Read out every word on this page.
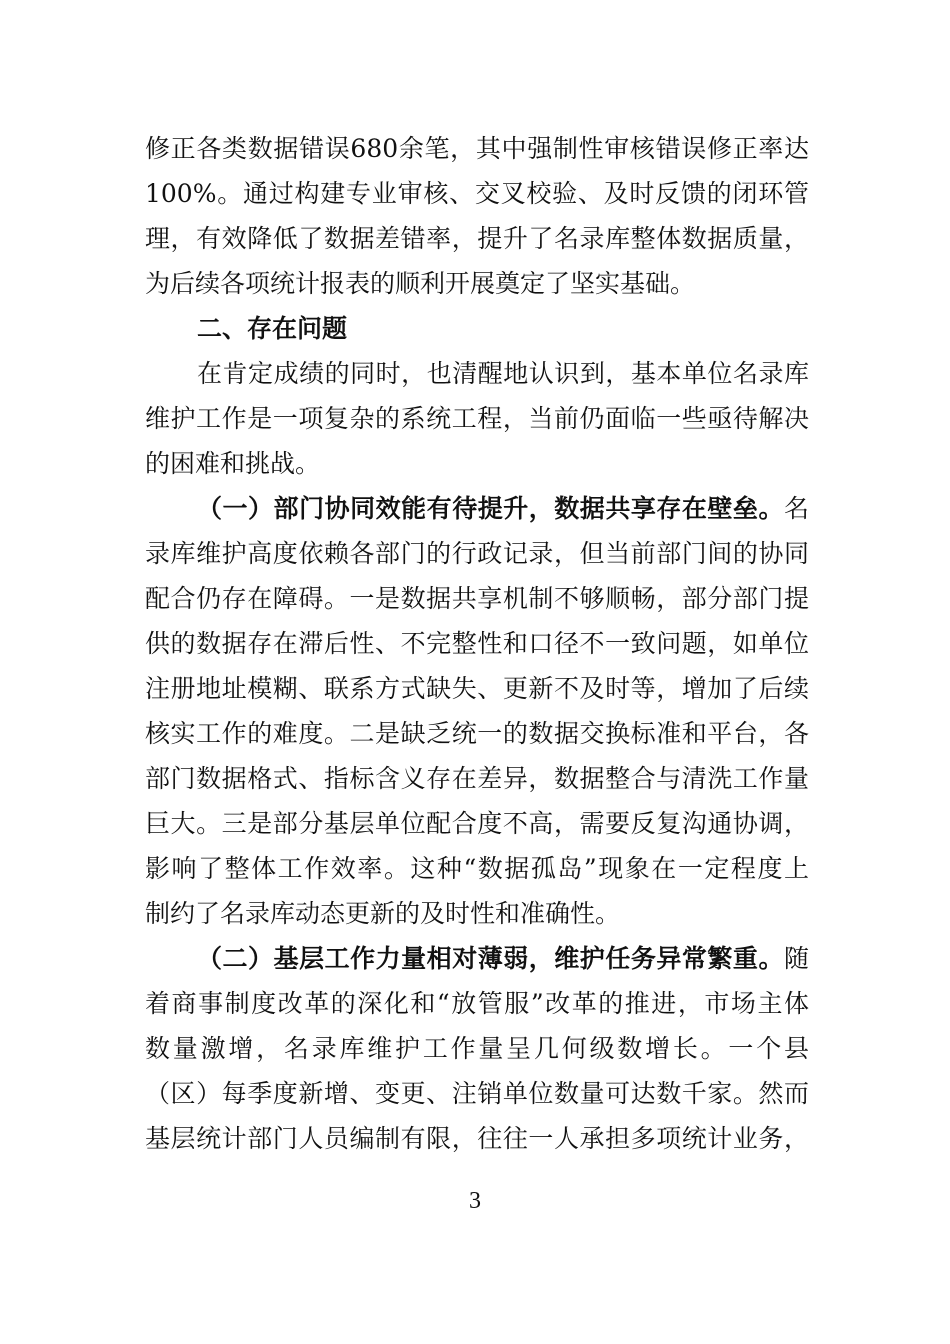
修正各类数据错误680余笔，其中强制性审核错误修正率达
100%。通过构建专业审核、交叉校验、及时反馈的闭环管
理，有效降低了数据差错率，提升了名录库整体数据质量，
为后续各项统计报表的顺利开展奠定了坚实基础。
二、存在问题
在肯定成绩的同时，也清醒地认识到，基本单位名录库
维护工作是一项复杂的系统工程，当前仍面临一些亟待解决
的困难和挑战。
（一）部门协同效能有待提升，数据共享存在壁垒。名
录库维护高度依赖各部门的行政记录，但当前部门间的协同
配合仍存在障碍。一是数据共享机制不够顺畅，部分部门提
供的数据存在滞后性、不完整性和口径不一致问题，如单位
注册地址模糊、联系方式缺失、更新不及时等，增加了后续
核实工作的难度。二是缺乏统一的数据交换标准和平台，各
部门数据格式、指标含义存在差异，数据整合与清洗工作量
巨大。三是部分基层单位配合度不高，需要反复沟通协调，
影响了整体工作效率。这种“数据孤岛”现象在一定程度上
制约了名录库动态更新的及时性和准确性。
（二）基层工作力量相对薄弱，维护任务异常繁重。随
着商事制度改革的深化和“放管服”改革的推进，市场主体
数量激增，名录库维护工作量呈几何级数增长。一个县
（区）每季度新增、变更、注销单位数量可达数千家。然而
基层统计部门人员编制有限，往往一人承担多项统计业务，
3
